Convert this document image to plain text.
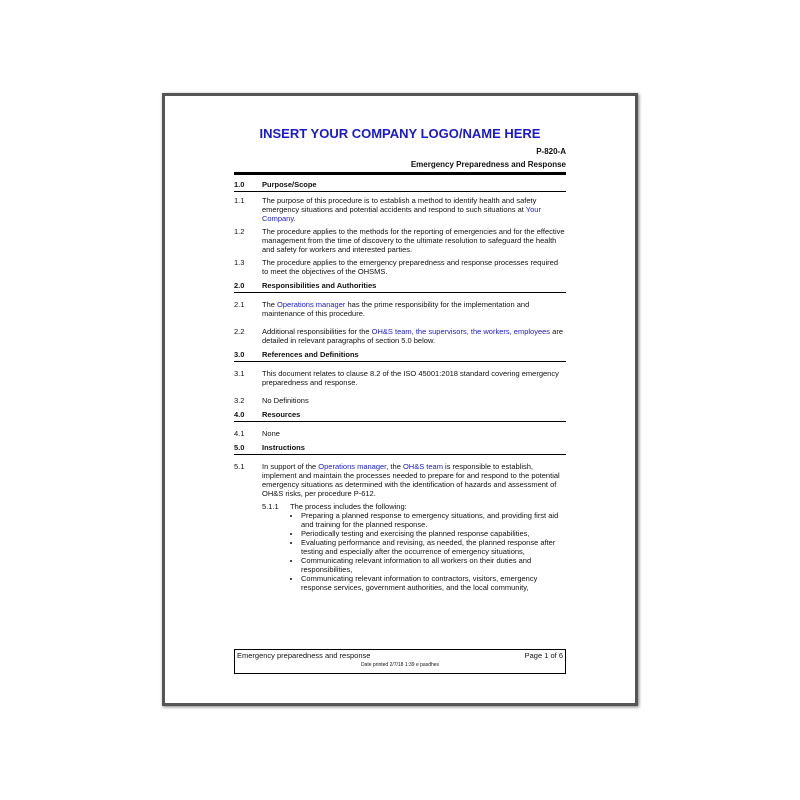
INSERT YOUR COMPANY LOGO/NAME HERE
P-820-A
Emergency Preparedness and Response
1.0	Purpose/Scope
1.1	The purpose of this procedure is to establish a method to identify health and safety emergency situations and potential accidents and respond to such situations at Your Company.
1.2	The procedure applies to the methods for the reporting of emergencies and for the effective management from the time of discovery to the ultimate resolution to safeguard the health and safety for workers and interested parties.
1.3	The procedure applies to the emergency preparedness and response processes required to meet the objectives of the OHSMS.
2.0	Responsibilities and Authorities
2.1	The Operations manager has the prime responsibility for the implementation and maintenance of this procedure.
2.2	Additional responsibilities for the OH&S team, the supervisors, the workers, employees are detailed in relevant paragraphs of section 5.0 below.
3.0	References and Definitions
3.1	This document relates to clause 8.2 of the ISO 45001:2018 standard covering emergency preparedness and response.
3.2	No Definitions
4.0	Resources
4.1	None
5.0	Instructions
5.1	In support of the Operations manager, the OH&S team is responsible to establish, implement and maintain the processes needed to prepare for and respond to the potential emergency situations as determined with the identification of hazards and assessment of OH&S risks, per procedure P-612.
5.1.1	The process includes the following:
• Preparing a planned response to emergency situations, and providing first aid and training for the planned response.
• Periodically testing and exercising the planned response capabilities,
• Evaluating performance and revising, as needed, the planned response after testing and especially after the occurrence of emergency situations,
• Communicating relevant information to all workers on their duties and responsibilities,
• Communicating relevant information to contractors, visitors, emergency response services, government authorities, and the local community,
Emergency preparedness and response	Page 1 of 6
Date printed 2/7/18 1:39 e pasdhes
